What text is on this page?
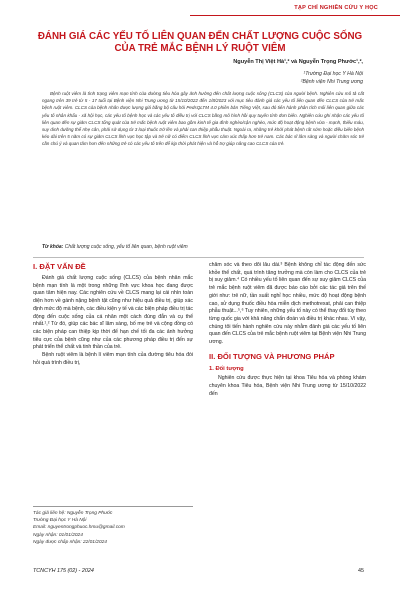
TẠP CHÍ NGHIÊN CỨU Y HỌC
ĐÁNH GIÁ CÁC YẾU TỐ LIÊN QUAN ĐẾN CHẤT LƯỢNG CUỘC SỐNG CỦA TRẺ MẮC BỆNH LÝ RUỘT VIÊM
Nguyễn Thị Việt Hà¹,² và Nguyễn Trọng Phước¹,²,
¹Trường Đại học Y Hà Nội
²Bệnh viện Nhi Trung ương

Bệnh ruột viêm là tình trạng viêm mạn tính của đường tiêu hóa gây ảnh hưởng đến chất lượng cuộc sống (CLCS) của người bệnh. Nghiên cứu mô tả cắt ngang trên 39 trẻ từ 5 - 17 tuổi tại Bệnh viện Nhi Trung ương từ 15/10/2022 đến 1/8/2023 với mục tiêu đánh giá các yếu tố liên quan đến CLCS của trẻ mắc bệnh ruột viêm. CLCS của bệnh nhân được lượng giá bằng bộ câu hỏi PedsQLTM 4.0 phiên bản Tiếng Việt, sau đó tiến hành phân tích mối liên quan giữa các yếu tố nhân khẩu - xã hội học, các yếu tố bệnh học và các yếu tố điều trị với CLCS bằng mô hình hồi quy tuyến tính đơn biến. Nghiên cứu ghi nhận các yếu tố liên quan đến sự giảm CLCS tổng quát của trẻ mắc bệnh ruột viêm bao gồm kinh tế gia đình nghèo/cận nghèo, mức độ hoạt động bệnh vừa - mạnh, thiếu máu, suy dinh dưỡng thể nhẹ cân, phải sử dụng từ 3 loại thuốc trở lên và phải can thiệp phẫu thuật. Ngoài ra, những trẻ khởi phát bệnh rất sớm hoặc điều biến bệnh kéo dài trên 5 năm có sự giảm CLCS lĩnh vực học tập và trẻ nữ có điểm CLCS lĩnh vực cảm xúc thấp hơn trẻ nam. Các bác sĩ lâm sàng và người chăm sóc trẻ cần chú ý và quan tâm hơn đến những trẻ có các yếu tố trên để kịp thời phát hiện và hỗ trợ giúp nâng cao CLCS của trẻ.

Từ khóa: Chất lượng cuộc sống, yếu tố liên quan, bệnh ruột viêm
I. ĐẶT VẤN ĐỀ

Đánh giá chất lượng cuộc sống (CLCS) của bệnh nhân mắc bệnh mạn tính là một trong những lĩnh vực khoa học đang được quan tâm hiện nay. Các nghiên cứu về CLCS mang lại cái nhìn toàn diện hơn về gánh nặng bệnh tật cũng như hiệu quả điều trị, giúp xác định mức độ mà bệnh, các điều kiện y tế và các biện pháp điều trị tác động đến cuộc sống của cá nhân một cách đúng đắn và cụ thể nhất.¹,² Từ đó, giúp các bác sĩ lâm sàng, bố mẹ trẻ và cộng đồng có các biện pháp can thiệp kịp thời để hạn chế tối đa các ảnh hưởng tiêu cực của bệnh cũng như của các phương pháp điều trị đến sự phát triển thể chất và tinh thần của trẻ.

Bệnh ruột viêm là bệnh lí viêm mạn tính của đường tiêu hóa đòi hỏi quá trình điều trị,

chăm sóc và theo dõi lâu dài.³ Bệnh không chỉ tác động đến sức khỏe thể chất, quá trình tăng trưởng mà còn làm cho CLCS của trẻ bị suy giảm.⁴ Có nhiều yếu tố liên quan đến sự suy giảm CLCS của trẻ mắc bệnh ruột viêm đã được báo cáo bởi các tác giả trên thế giới như: trẻ nữ, tần suất nghỉ học nhiều, mức độ hoạt động bệnh cao, sử dụng thuốc điều hòa miễn dịch methotrexat, phải can thiệp phẫu thuật...⁵,⁶ Tuy nhiên, những yếu tố này có thể thay đổi tùy theo từng quốc gia với khả năng chẩn đoán và điều trị khác nhau. Vì vậy, chúng tôi tiến hành nghiên cứu này nhằm đánh giá các yếu tố liên quan đến CLCS của trẻ mắc bệnh ruột viêm tại Bệnh viện Nhi Trung ương.

II. ĐỐI TƯỢNG VÀ PHƯƠNG PHÁP
1. Đối tượng

Nghiên cứu được thực hiện tại khoa Tiêu hóa và phòng khám chuyên khoa Tiêu hóa, Bệnh viện Nhi Trung ương từ 15/10/2022 đến

Tác giả liên hệ: Nguyễn Trọng Phước
Trường Đại học Y Hà Nội
Email: nguyentrongphuoc.hmu@gmail.com
Ngày nhận: 01/01/2024
Ngày được chấp nhận: 22/01/2024
TCNCYH 175 (02) - 2024	45
